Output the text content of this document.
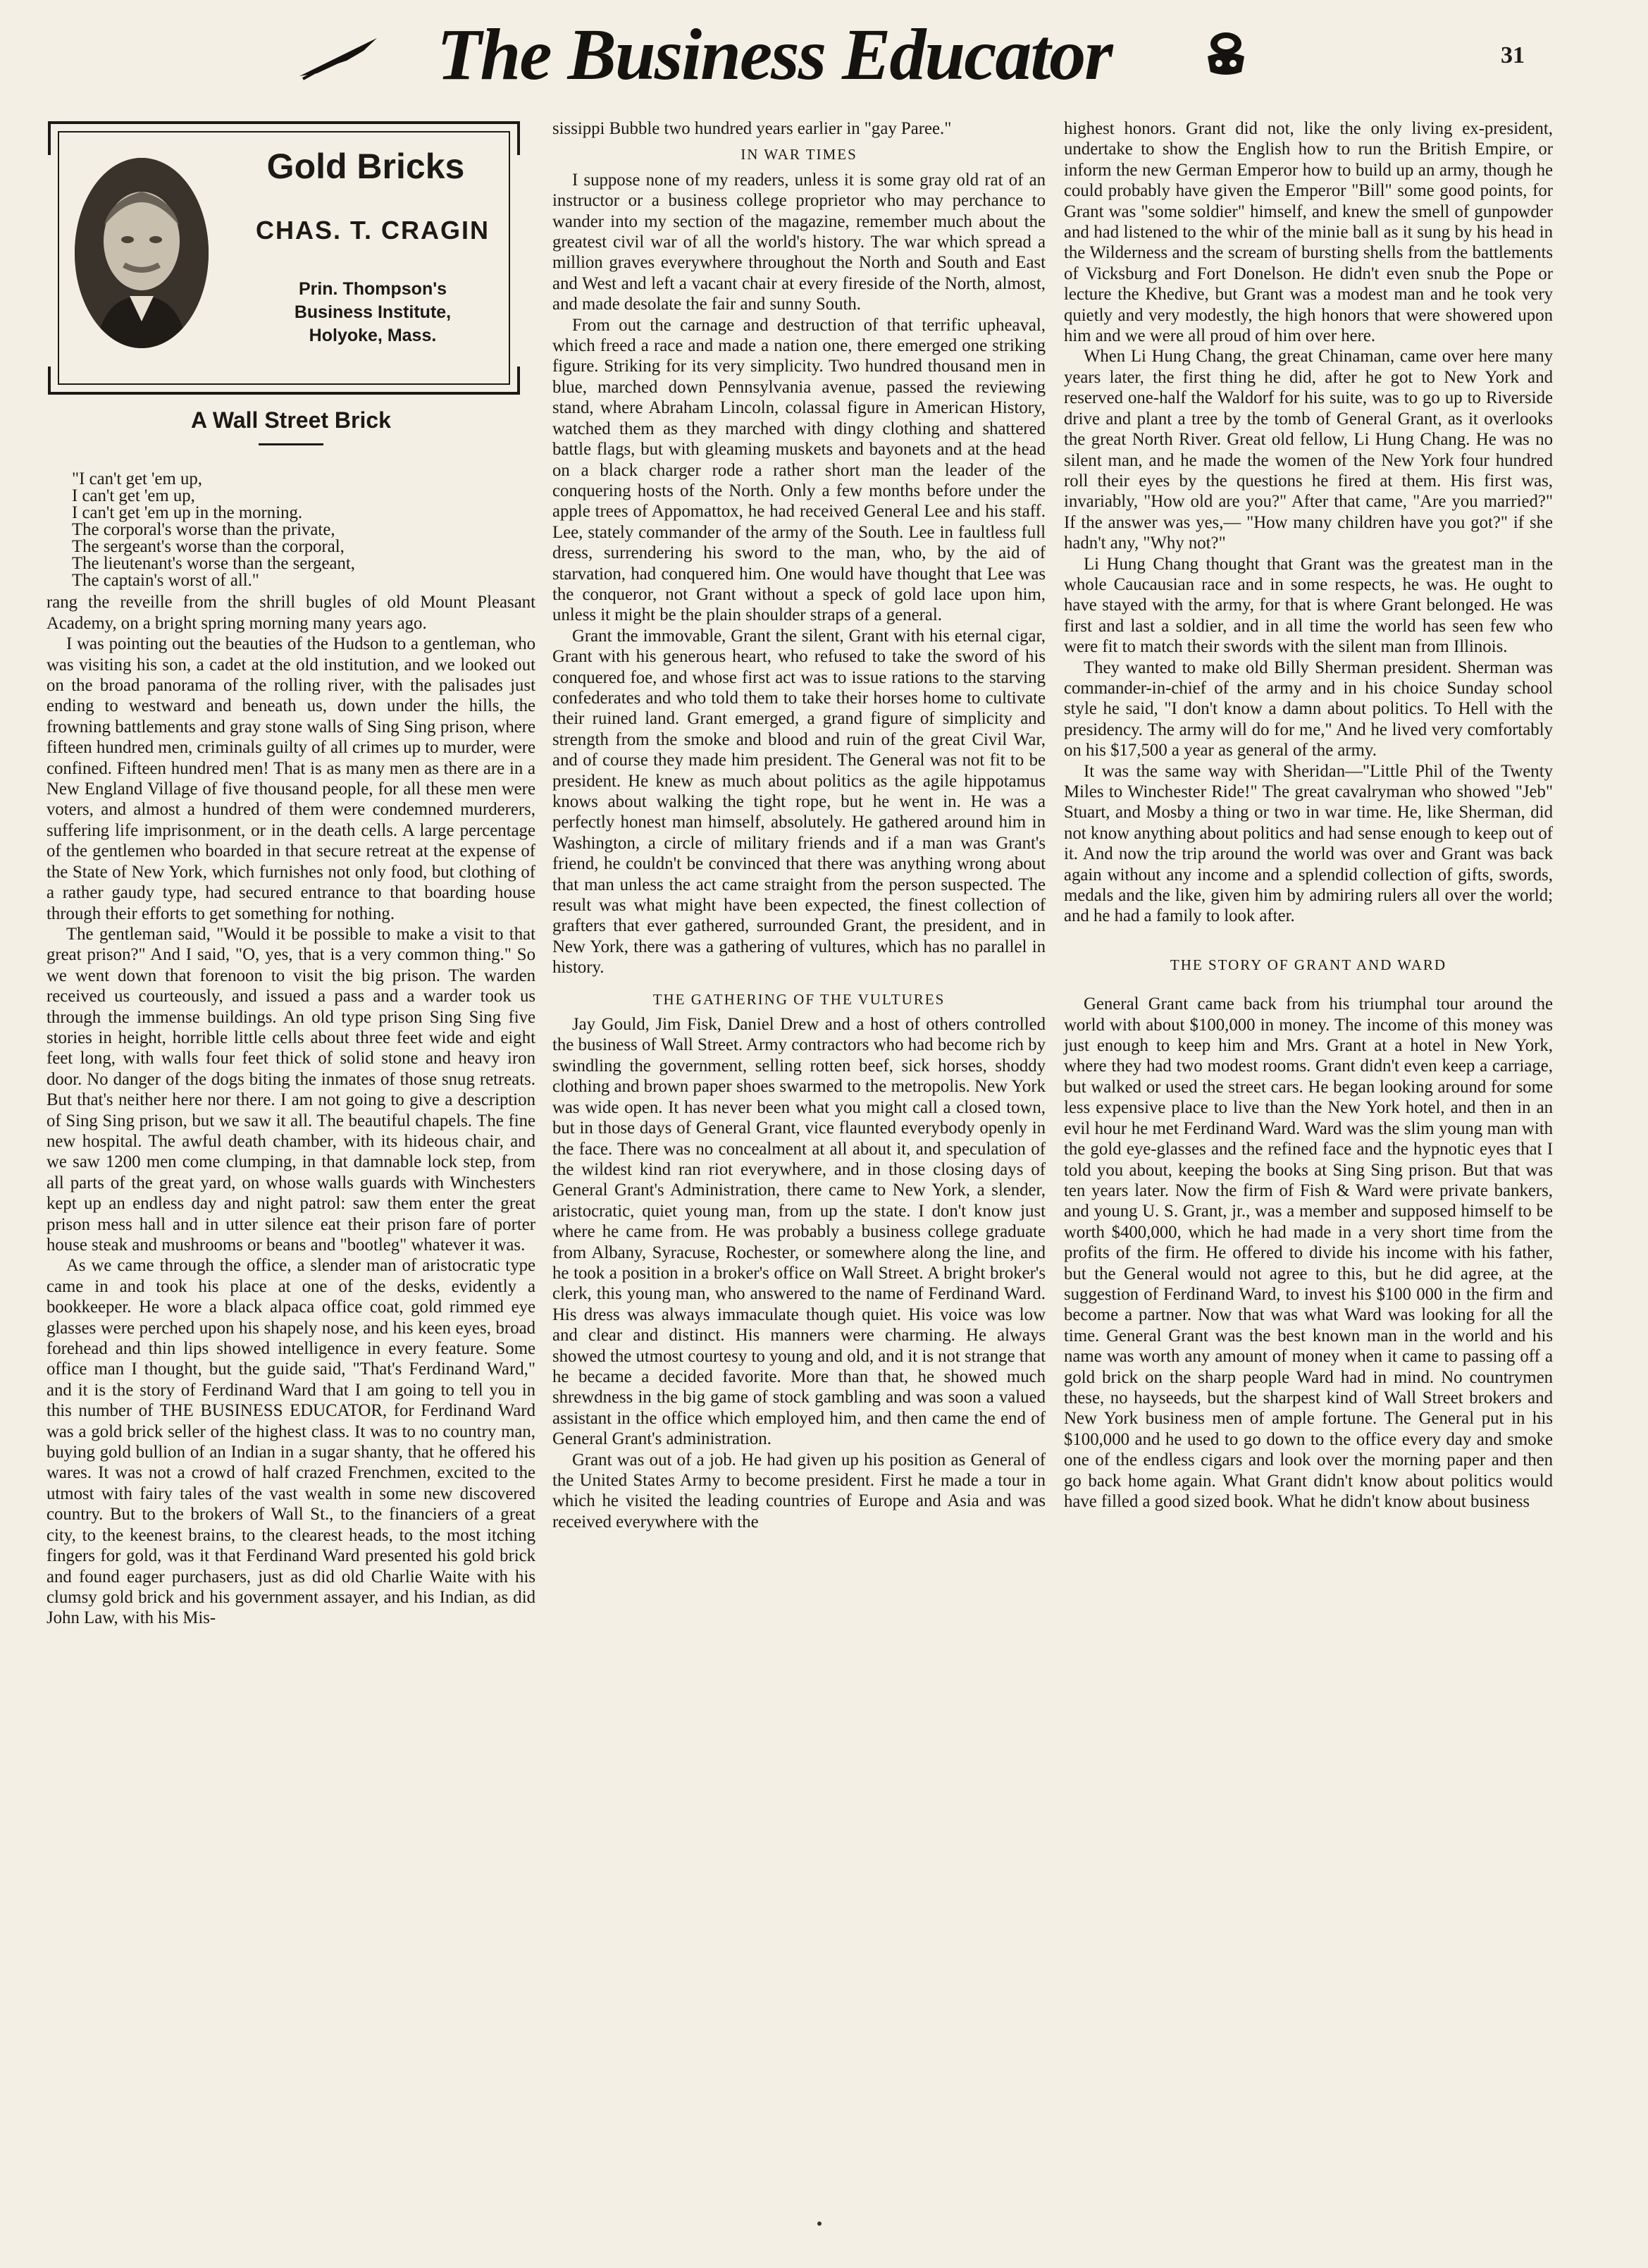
The Business Educator	31
Gold Bricks
CHAS. T. CRAGIN
Prin. Thompson's
Business Institute,
Holyoke, Mass.
A Wall Street Brick
"I can't get 'em up,
I can't get 'em up,
I can't get 'em up in the morning.
The corporal's worse than the private,
The sergeant's worse than the corporal,
The lieutenant's worse than the sergeant,
The captain's worst of all."

rang the reveille from the shrill bugles of old Mount Pleasant Academy, on a bright spring morning many years ago.

I was pointing out the beauties of the Hudson to a gentleman, who was visiting his son, a cadet at the old institution, and we looked out on the broad panorama of the rolling river, with the palisades just ending to westward and beneath us, down under the hills, the frowning battlements and gray stone walls of Sing Sing prison, where fifteen hundred men, criminals guilty of all crimes up to murder, were confined. Fifteen hundred men! That is as many men as there are in a New England Village of five thousand people, for all these men were voters, and almost a hundred of them were condemned murderers, suffering life imprisonment, or in the death cells. A large percentage of the gentlemen who boarded in that secure retreat at the expense of the State of New York, which furnishes not only food, but clothing of a rather gaudy type, had secured entrance to that boarding house through their efforts to get something for nothing.

The gentleman said, "Would it be possible to make a visit to that great prison?" And I said, "O, yes, that is a very common thing." So we went down that forenoon to visit the big prison. The warden received us courteously, and issued a pass and a warder took us through the immense buildings. An old type prison Sing Sing five stories in height, horrible little cells about three feet wide and eight feet long, with walls four feet thick of solid stone and heavy iron door. No danger of the dogs biting the inmates of those snug retreats. But that's neither here nor there. I am not going to give a description of Sing Sing prison, but we saw it all. The beautiful chapels. The fine new hospital. The awful death chamber, with its hideous chair, and we saw 1200 men come clumping, in that damnable lock step, from all parts of the great yard, on whose walls guards with Winchesters kept up an endless day and night patrol: saw them enter the great prison mess hall and in utter silence eat their prison fare of porter house steak and mushrooms or beans and "bootleg" whatever it was.

As we came through the office, a slender man of aristocratic type came in and took his place at one of the desks, evidently a bookkeeper. He wore a black alpaca office coat, gold rimmed eye glasses were perched upon his shapely nose, and his keen eyes, broad forehead and thin lips showed intelligence in every feature. Some office man I thought, but the guide said, "That's Ferdinand Ward," and it is the story of Ferdinand Ward that I am going to tell you in this number of THE BUSINESS EDUCATOR, for Ferdinand Ward was a gold brick seller of the highest class. It was to no country man, buying gold bullion of an Indian in a sugar shanty, that he offered his wares. It was not a crowd of half crazed Frenchmen, excited to the utmost with fairy tales of the vast wealth in some new discovered country. But to the brokers of Wall St., to the financiers of a great city, to the keenest brains, to the clearest heads, to the most itching fingers for gold, was it that Ferdinand Ward presented his gold brick and found eager purchasers, just as did old Charlie Waite with his clumsy gold brick and his government assayer, and his Indian, as did John Law, with his Mis-

sissippi Bubble two hundred years earlier in "gay Paree."

IN WAR TIMES

I suppose none of my readers, unless it is some gray old rat of an instructor or a business college proprietor who may perchance to wander into my section of the magazine, remember much about the greatest civil war of all the world's history. The war which spread a million graves everywhere throughout the North and South and East and West and left a vacant chair at every fireside of the North, almost, and made desolate the fair and sunny South.

From out the carnage and destruction of that terrific upheaval, which freed a race and made a nation one, there emerged one striking figure. Striking for its very simplicity. Two hundred thousand men in blue, marched down Pennsylvania avenue, passed the reviewing stand, where Abraham Lincoln, colassal figure in American History, watched them as they marched with dingy clothing and shattered battle flags, but with gleaming muskets and bayonets and at the head on a black charger rode a rather short man the leader of the conquering hosts of the North. Only a few months before under the apple trees of Appomattox, he had received General Lee and his staff. Lee, stately commander of the army of the South. Lee in faultless full dress, surrendering his sword to the man, who, by the aid of starvation, had conquered him. One would have thought that Lee was the conqueror, not Grant without a speck of gold lace upon him, unless it might be the plain shoulder straps of a general.

Grant the immovable, Grant the silent, Grant with his eternal cigar, Grant with his generous heart, who refused to take the sword of his conquered foe, and whose first act was to issue rations to the starving confederates and who told them to take their horses home to cultivate their ruined land. Grant emerged, a grand figure of simplicity and strength from the smoke and blood and ruin of the great Civil War, and of course they made him president. The General was not fit to be president. He knew as much about politics as the agile hippotamus knows about walking the tight rope, but he went in. He was a perfectly honest man himself, absolutely. He gathered around him in Washington, a circle of military friends and if a man was Grant's friend, he couldn't be convinced that there was anything wrong about that man unless the act came straight from the person suspected. The result was what might have been expected, the finest collection of grafters that ever gathered, surrounded Grant, the president, and in New York, there was a gathering of vultures, which has no parallel in history.

THE GATHERING OF THE VULTURES

Jay Gould, Jim Fisk, Daniel Drew and a host of others controlled the business of Wall Street. Army contractors who had become rich by swindling the government, selling rotten beef, sick horses, shoddy clothing and brown paper shoes swarmed to the metropolis. New York was wide open. It has never been what you might call a closed town, but in those days of General Grant, vice flaunted everybody openly in the face. There was no concealment at all about it, and speculation of the wildest kind ran riot everywhere, and in those closing days of General Grant's Administration, there came to New York, a slender, aristocratic, quiet young man, from up the state. I don't know just where he came from. He was probably a business college graduate from Albany, Syracuse, Rochester, or somewhere along the line, and he took a position in a broker's office on Wall Street. A bright broker's clerk, this young man, who answered to the name of Ferdinand Ward. His dress was always immaculate though quiet. His voice was low and clear and distinct. His manners were charming. He always showed the utmost courtesy to young and old, and it is not strange that he became a decided favorite. More than that, he showed much shrewdness in the big game of stock gambling and was soon a valued assistant in the office which employed him, and then came the end of General Grant's administration.

Grant was out of a job. He had given up his position as General of the United States Army to become president. First he made a tour in which he visited the leading countries of Europe and Asia and was received everywhere with the

highest honors. Grant did not, like the only living ex-president, undertake to show the English how to run the British Empire, or inform the new German Emperor how to build up an army, though he could probably have given the Emperor "Bill" some good points, for Grant was "some soldier" himself, and knew the smell of gunpowder and had listened to the whir of the minie ball as it sung by his head in the Wilderness and the scream of bursting shells from the battlements of Vicksburg and Fort Donelson. He didn't even snub the Pope or lecture the Khedive, but Grant was a modest man and he took very quietly and very modestly, the high honors that were showered upon him and we were all proud of him over here.

When Li Hung Chang, the great Chinaman, came over here many years later, the first thing he did, after he got to New York and reserved one-half the Waldorf for his suite, was to go up to Riverside drive and plant a tree by the tomb of General Grant, as it overlooks the great North River. Great old fellow, Li Hung Chang. He was no silent man, and he made the women of the New York four hundred roll their eyes by the questions he fired at them. His first was, invariably, "How old are you?" After that came, "Are you married?" If the answer was yes,— "How many children have you got?" if she hadn't any, "Why not?"

Li Hung Chang thought that Grant was the greatest man in the whole Caucausian race and in some respects, he was. He ought to have stayed with the army, for that is where Grant belonged. He was first and last a soldier, and in all time the world has seen few who were fit to match their swords with the silent man from Illinois.

They wanted to make old Billy Sherman president. Sherman was commander-in-chief of the army and in his choice Sunday school style he said, "I don't know a damn about politics. To Hell with the presidency. The army will do for me," And he lived very comfortably on his $17,500 a year as general of the army.

It was the same way with Sheridan—"Little Phil of the Twenty Miles to Winchester Ride!" The great cavalryman who showed "Jeb" Stuart, and Mosby a thing or two in war time. He, like Sherman, did not know anything about politics and had sense enough to keep out of it. And now the trip around the world was over and Grant was back again without any income and a splendid collection of gifts, swords, medals and the like, given him by admiring rulers all over the world; and he had a family to look after.

THE STORY OF GRANT AND WARD

General Grant came back from his triumphal tour around the world with about $100,000 in money. The income of this money was just enough to keep him and Mrs. Grant at a hotel in New York, where they had two modest rooms. Grant didn't even keep a carriage, but walked or used the street cars. He began looking around for some less expensive place to live than the New York hotel, and then in an evil hour he met Ferdinand Ward. Ward was the slim young man with the gold eye-glasses and the refined face and the hypnotic eyes that I told you about, keeping the books at Sing Sing prison. But that was ten years later. Now the firm of Fish & Ward were private bankers, and young U. S. Grant, jr., was a member and supposed himself to be worth $400,000, which he had made in a very short time from the profits of the firm. He offered to divide his income with his father, but the General would not agree to this, but he did agree, at the suggestion of Ferdinand Ward, to invest his $100 000 in the firm and become a partner. Now that was what Ward was looking for all the time. General Grant was the best known man in the world and his name was worth any amount of money when it came to passing off a gold brick on the sharp people Ward had in mind. No countrymen these, no hayseeds, but the sharpest kind of Wall Street brokers and New York business men of ample fortune. The General put in his $100,000 and he used to go down to the office every day and smoke one of the endless cigars and look over the morning paper and then go back home again. What Grant didn't know about politics would have filled a good sized book. What he didn't know about business
